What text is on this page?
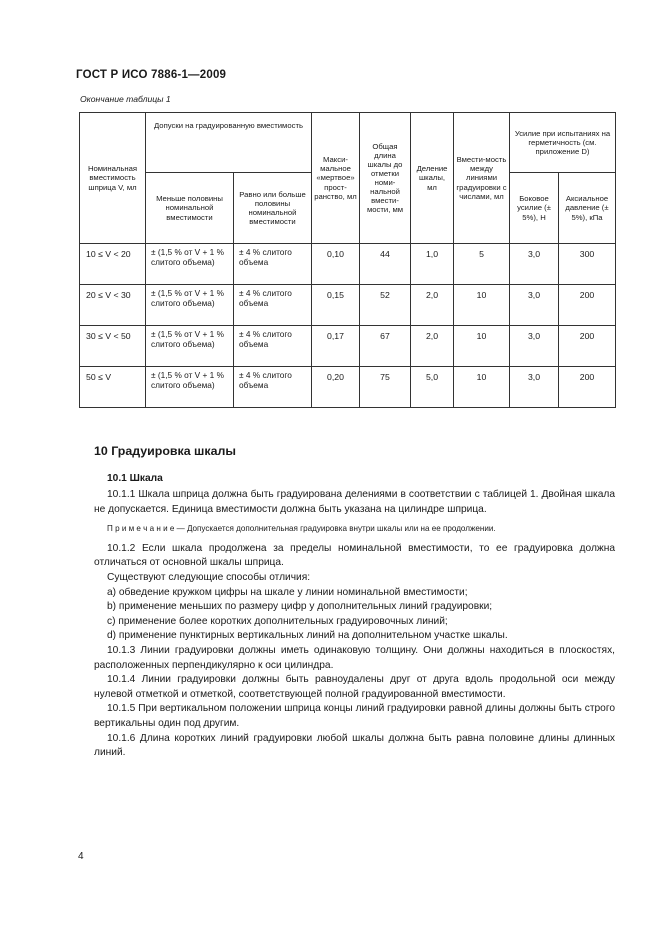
ГОСТ Р ИСО 7886-1—2009
Окончание таблицы 1
Номинальная вместимость шприца V, мл	Допуски на градуированную вместимость		Макси-мальное «мертвое» прост-ранство, мл	Общая длина шкалы до отметки номи-нальной вмести-мости, мм	Деление шкалы, мл	Вмести-мость между линиями градуировки с числами, мл	Усилие при испытаниях на герметичность (см. приложение D)	
	Меньше половины номинальной вместимости	Равно или больше половины номинальной вместимости					Боковое усилие (± 5%), Н	Аксиальное давление (± 5%), кПа
10 ≤ V < 20	± (1,5 % от V + 1 % слитого объема)	± 4 % слитого объема	0,10	44	1,0	5	3,0	300
20 ≤ V < 30	± (1,5 % от V + 1 % слитого объема)	± 4 % слитого объема	0,15	52	2,0	10	3,0	200
30 ≤ V < 50	± (1,5 % от V + 1 % слитого объема)	± 4 % слитого объема	0,17	67	2,0	10	3,0	200
50 ≤ V	± (1,5 % от V + 1 % слитого объема)	± 4 % слитого объема	0,20	75	5,0	10	3,0	200
10 Градуировка шкалы
10.1 Шкала

10.1.1 Шкала шприца должна быть градуирована делениями в соответствии с таблицей 1. Двойная шкала не допускается. Единица вместимости должна быть указана на цилиндре шприца.

П р и м е ч а н и е — Допускается дополнительная градуировка внутри шкалы или на ее продолжении.

10.1.2 Если шкала продолжена за пределы номинальной вместимости, то ее градуировка должна отличаться от основной шкалы шприца.

Существуют следующие способы отличия:

a) обведение кружком цифры на шкале у линии номинальной вместимости;

b) применение меньших по размеру цифр у дополнительных линий градуировки;

c) применение более коротких дополнительных градуировочных линий;

d) применение пунктирных вертикальных линий на дополнительном участке шкалы.

10.1.3 Линии градуировки должны иметь одинаковую толщину. Они должны находиться в плоскостях, расположенных перпендикулярно к оси цилиндра.

10.1.4 Линии градуировки должны быть равноудалены друг от друга вдоль продольной оси между нулевой отметкой и отметкой, соответствующей полной градуированной вместимости.

10.1.5 При вертикальном положении шприца концы линий градуировки равной длины должны быть строго вертикальны один под другим.

10.1.6 Длина коротких линий градуировки любой шкалы должна быть равна половине длины длинных линий.

4
